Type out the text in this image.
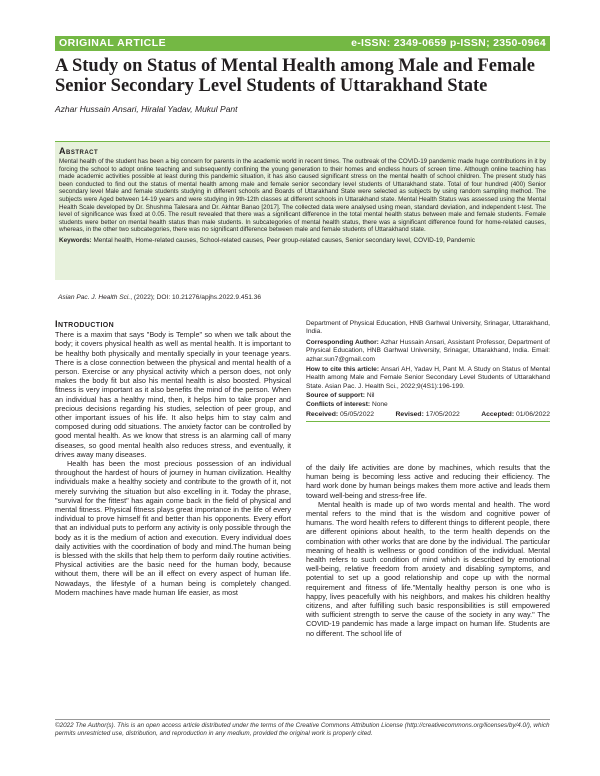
ORIGINAL ARTICLE	e-ISSN: 2349-0659 p-ISSN; 2350-0964
A Study on Status of Mental Health among Male and Female Senior Secondary Level Students of Uttarakhand State
Azhar Hussain Ansari, Hiralal Yadav, Mukul Pant
Abstract

Mental health of the student has been a big concern for parents in the academic world in recent times. The outbreak of the COVID-19 pandemic made huge contributions in it by forcing the school to adopt online teaching and subsequently confining the young generation to their homes and endless hours of screen time. Although online teaching has made academic activities possible at least during this pandemic situation, it has also caused significant stress on the mental health of school children. The present study has been conducted to find out the status of mental health among male and female senior secondary level students of Uttarakhand state. Total of four hundred (400) Senior secondary level Male and female students studying in different schools and Boards of Uttarakhand State were selected as subjects by using random sampling method. The subjects were Aged between 14-19 years and were studying in 9th-12th classes at different schools in Uttarakhand state. Mental Health Status was assessed using the Mental Health Scale developed by Dr. Shushma Talesara and Dr. Akhtar Banao [2017]. The collected data were analysed using mean, standard deviation, and independent t-test. The level of significance was fixed at 0.05. The result revealed that there was a significant difference in the total mental health status between male and female students. Female students were better on mental health status than male students. In subcategories of mental health status, there was a significant difference found for home-related causes, whereas, in the other two subcategories, there was no significant difference between male and female students of Uttarakhand state.

Keywords: Mental health, Home-related causes, School-related causes, Peer group-related causes, Senior secondary level, COVID-19, Pandemic
Asian Pac. J. Health Sci., (2022); DOI: 10.21276/apjhs.2022.9.451.36
Introduction

There is a maxim that says "Body is Temple" so when we talk about the body; it covers physical health as well as mental health. It is important to be healthy both physically and mentally specially in your teenage years. There is a close connection between the physical and mental health of a person. Exercise or any physical activity which a person does, not only makes the body fit but also his mental health is also boosted. Physical fitness is very important as it also benefits the mind of the person. When an individual has a healthy mind, then, it helps him to take proper and precious decisions regarding his studies, selection of peer group, and other important issues of his life. It also helps him to stay calm and composed during odd situations. The anxiety factor can be controlled by good mental health. As we know that stress is an alarming call of many diseases, so good mental health also reduces stress, and eventually, it drives away many diseases.

Health has been the most precious possession of an individual throughout the hardest of hours of journey in human civilization. Healthy individuals make a healthy society and contribute to the growth of it, not merely surviving the situation but also excelling in it. Today the phrase, "survival for the fittest" has again come back in the field of physical and mental fitness. Physical fitness plays great importance in the life of every individual to prove himself fit and better than his opponents. Every effort that an individual puts to perform any activity is only possible through the body as it is the medium of action and execution. Every individual does daily activities with the coordination of body and mind.The human being is blessed with the skills that help them to perform daily routine activities. Physical activities are the basic need for the human body, because without them, there will be an ill effect on every aspect of human life. Nowadays, the lifestyle of a human being is completely changed. Modern machines have made human life easier, as most

Department of Physical Education, HNB Garhwal University, Srinagar, Uttarakhand, India.
Corresponding Author: Azhar Hussain Ansari, Assistant Professor, Department of Physical Education, HNB Garhwal University, Srinagar, Uttarakhand, India. Email: azhar.sun7@gmail.com
How to cite this article: Ansari AH, Yadav H, Pant M. A Study on Status of Mental Health among Male and Female Senior Secondary Level Students of Uttarakhand State. Asian Pac. J. Health Sci., 2022;9(4S1):196-199.
Source of support: Nil
Conflicts of interest: None
Received: 05/05/2022	Revised: 17/05/2022	Accepted: 01/06/2022

of the daily life activities are done by machines, which results that the human being is becoming less active and reducing their efficiency. The hard work done by human beings makes them more active and leads them toward well-being and stress-free life.

Mental health is made up of two words mental and health. The word mental refers to the mind that is the wisdom and cognitive power of humans. The word health refers to different things to different people, there are different opinions about health, to the term health depends on the combination with other works that are done by the individual. The particular meaning of health is wellness or good condition of the individual. Mental health refers to such condition of mind which is described by emotional well-being, relative freedom from anxiety and disabling symptoms, and potential to set up a good relationship and cope up with the normal requirement and fitness of life."Mentally healthy person is one who is happy, lives peacefully with his neighbors, and makes his children healthy citizens, and after fulfilling such basic responsibilities is still empowered with sufficient strength to serve the cause of the society in any way." The COVID-19 pandemic has made a large impact on human life. Students are no different. The school life of

©2022 The Author(s). This is an open access article distributed under the terms of the Creative Commons Attribution License (http://creativecommons.org/licenses/by/4.0/), which permits unrestricted use, distribution, and reproduction in any medium, provided the original work is properly cited.
